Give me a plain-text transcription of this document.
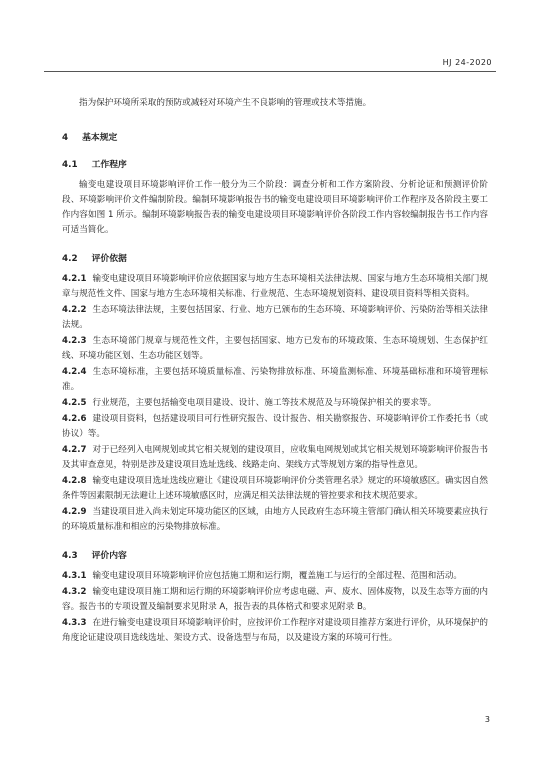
HJ 24-2020

指为保护环境所采取的预防或减轻对环境产生不良影响的管理或技术等措施。

4 基本规定
4.1 工作程序

输变电建设项目环境影响评价工作一般分为三个阶段：调查分析和工作方案阶段、分析论证和预测评价阶段、环境影响评价文件编制阶段。编制环境影响报告书的输变电建设项目环境影响评价工作程序及各阶段主要工作内容如图 1 所示。编制环境影响报告表的输变电建设项目环境影响评价各阶段工作内容较编制报告书工作内容可适当简化。

4.2 评价依据

4.2.1 输变电建设项目环境影响评价应依据国家与地方生态环境相关法律法规、国家与地方生态环境相关部门规章与规范性文件、国家与地方生态环境相关标准、行业规范、生态环境规划资料、建设项目资料等相关资料。

4.2.2 生态环境法律法规，主要包括国家、行业、地方已颁布的生态环境、环境影响评价、污染防治等相关法律法规。

4.2.3 生态环境部门规章与规范性文件，主要包括国家、地方已发布的环境政策、生态环境规划、生态保护红线、环境功能区划、生态功能区划等。

4.2.4 生态环境标准，主要包括环境质量标准、污染物排放标准、环境监测标准、环境基础标准和环境管理标准。

4.2.5 行业规范，主要包括输变电项目建设、设计、施工等技术规范及与环境保护相关的要求等。

4.2.6 建设项目资料，包括建设项目可行性研究报告、设计报告、相关勘察报告、环境影响评价工作委托书（或协议）等。

4.2.7 对于已经列入电网规划或其它相关规划的建设项目，应收集电网规划或其它相关规划环境影响评价报告书及其审查意见，特别是涉及建设项目选址选线、线路走向、架线方式等规划方案的指导性意见。

4.2.8 输变电建设项目选址选线应避让《建设项目环境影响评价分类管理名录》规定的环境敏感区。确实因自然条件等因素限制无法避让上述环境敏感区时，应满足相关法律法规的管控要求和技术规范要求。

4.2.9 当建设项目进入尚未划定环境功能区的区域，由地方人民政府生态环境主管部门确认相关环境要素应执行的环境质量标准和相应的污染物排放标准。

4.3 评价内容

4.3.1 输变电建设项目环境影响评价应包括施工期和运行期，覆盖施工与运行的全部过程、范围和活动。

4.3.2 输变电建设项目施工期和运行期的环境影响评价应考虑电磁、声、废水、固体废物，以及生态等方面的内容。报告书的专项设置及编制要求见附录 A，报告表的具体格式和要求见附录 B。

4.3.3 在进行输变电建设项目环境影响评价时，应按评价工作程序对建设项目推荐方案进行评价，从环境保护的角度论证建设项目选线选址、架设方式、设备选型与布局，以及建设方案的环境可行性。

3
